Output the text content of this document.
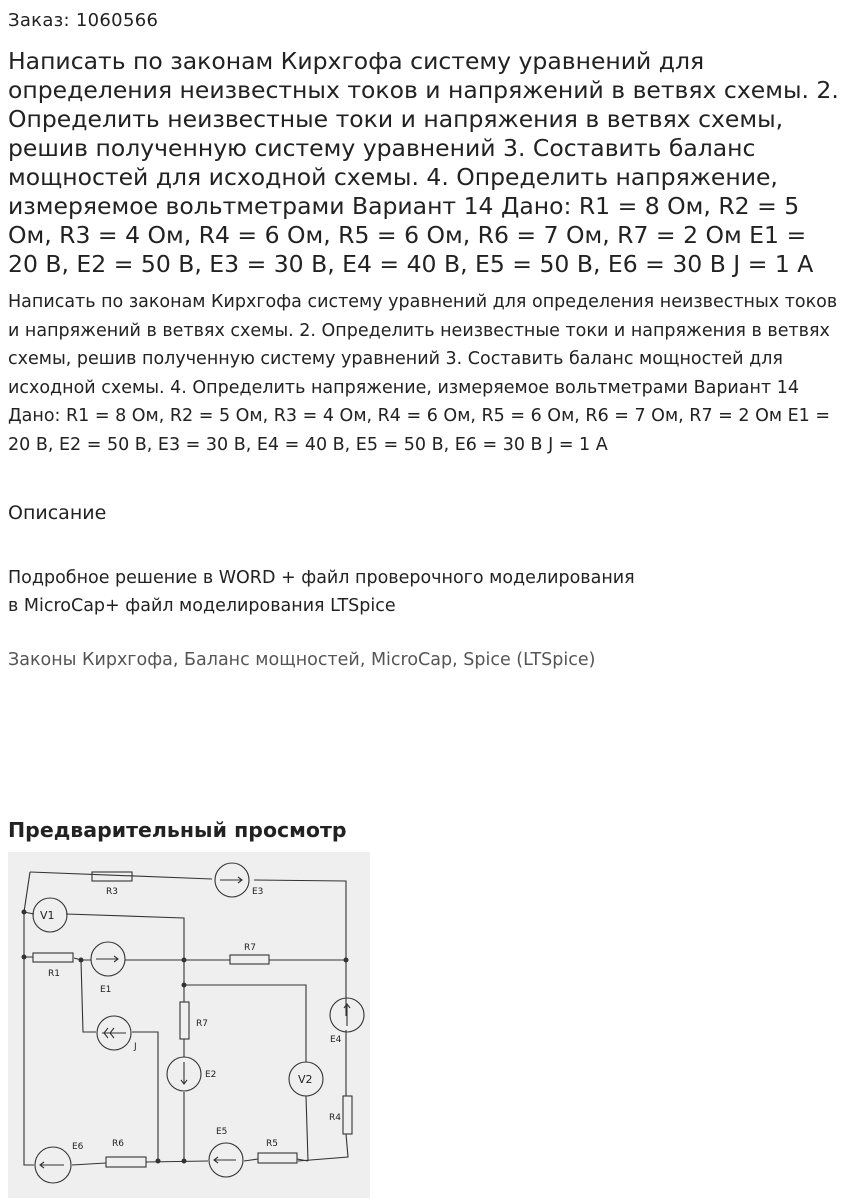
Заказ: 1060566
Написать по законам Кирхгофа систему уравнений для определения неизвестных токов и напряжений в ветвях схемы. 2. Определить неизвестные токи и напряжения в ветвях схемы, решив полученную систему уравнений 3. Составить баланс мощностей для исходной схемы. 4. Определить напряжение, измеряемое вольтметрами Вариант 14 Дано: R1 = 8 Ом, R2 = 5 Ом, R3 = 4 Ом, R4 = 6 Ом, R5 = 6 Ом, R6 = 7 Ом, R7 = 2 Ом E1 = 20 В, E2 = 50 В, E3 = 30 В, E4 = 40 В, E5 = 50 В, E6 = 30 В J = 1 А

Написать по законам Кирхгофа систему уравнений для определения неизвестных токов и напряжений в ветвях схемы. 2. Определить неизвестные токи и напряжения в ветвях схемы, решив полученную систему уравнений 3. Составить баланс мощностей для исходной схемы. 4. Определить напряжение, измеряемое вольтметрами Вариант 14 Дано: R1 = 8 Ом, R2 = 5 Ом, R3 = 4 Ом, R4 = 6 Ом, R5 = 6 Ом, R6 = 7 Ом, R7 = 2 Ом E1 = 20 В, E2 = 50 В, E3 = 30 В, E4 = 40 В, E5 = 50 В, E6 = 30 В J = 1 А

Описание
Подробное решение в WORD + файл проверочного моделирования
в MicroCap+ файл моделирования LTSpice
Законы Кирхгофа, Баланс мощностей, MicroCap, Spice (LTSpice)
Предварительный просмотр
R3	E3
V1
R7
R1
E1
R7
J
E2
E4
V2
R4
E6	R6
E5
R5
